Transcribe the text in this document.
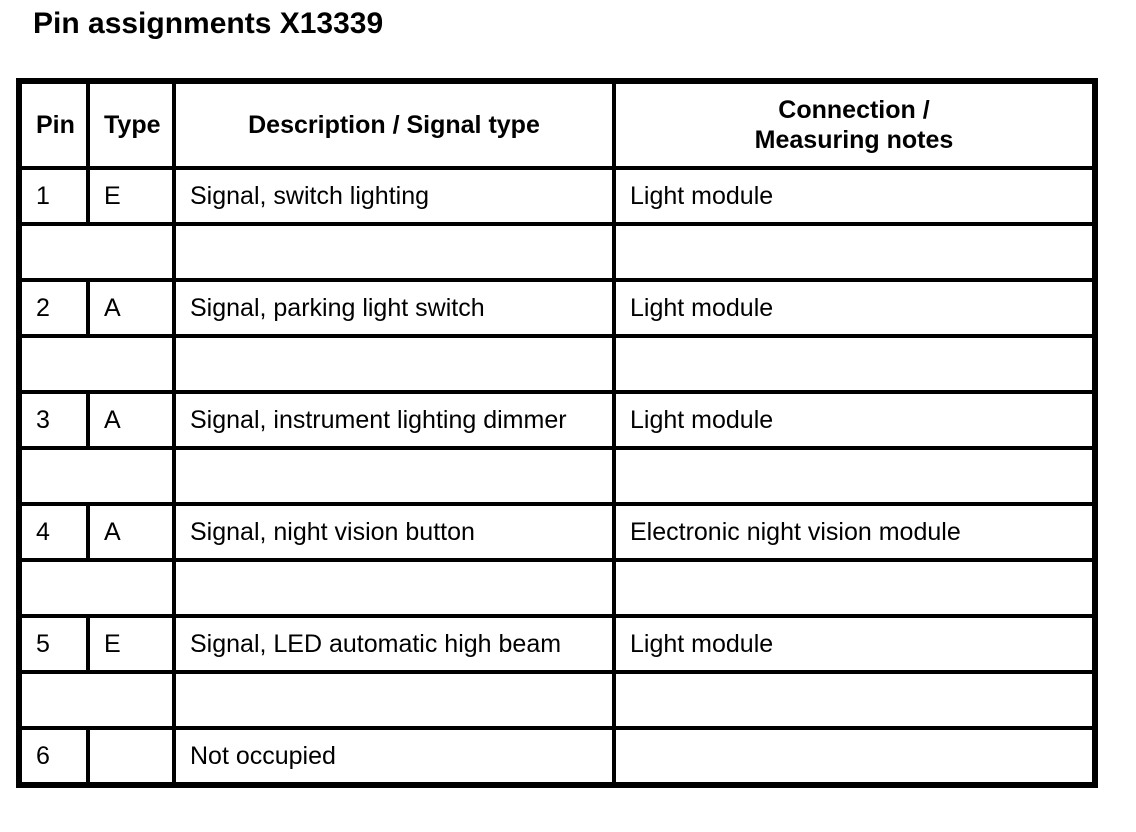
Pin assignments X13339
Pin	Type	Description / Signal type	Connection /
Measuring notes
1	E	Signal, switch lighting	Light module

2	A	Signal, parking light switch	Light module

3	A	Signal, instrument lighting dimmer	Light module

4	A	Signal, night vision button	Electronic night vision module

5	E	Signal, LED automatic high beam	Light module

6		Not occupied	
